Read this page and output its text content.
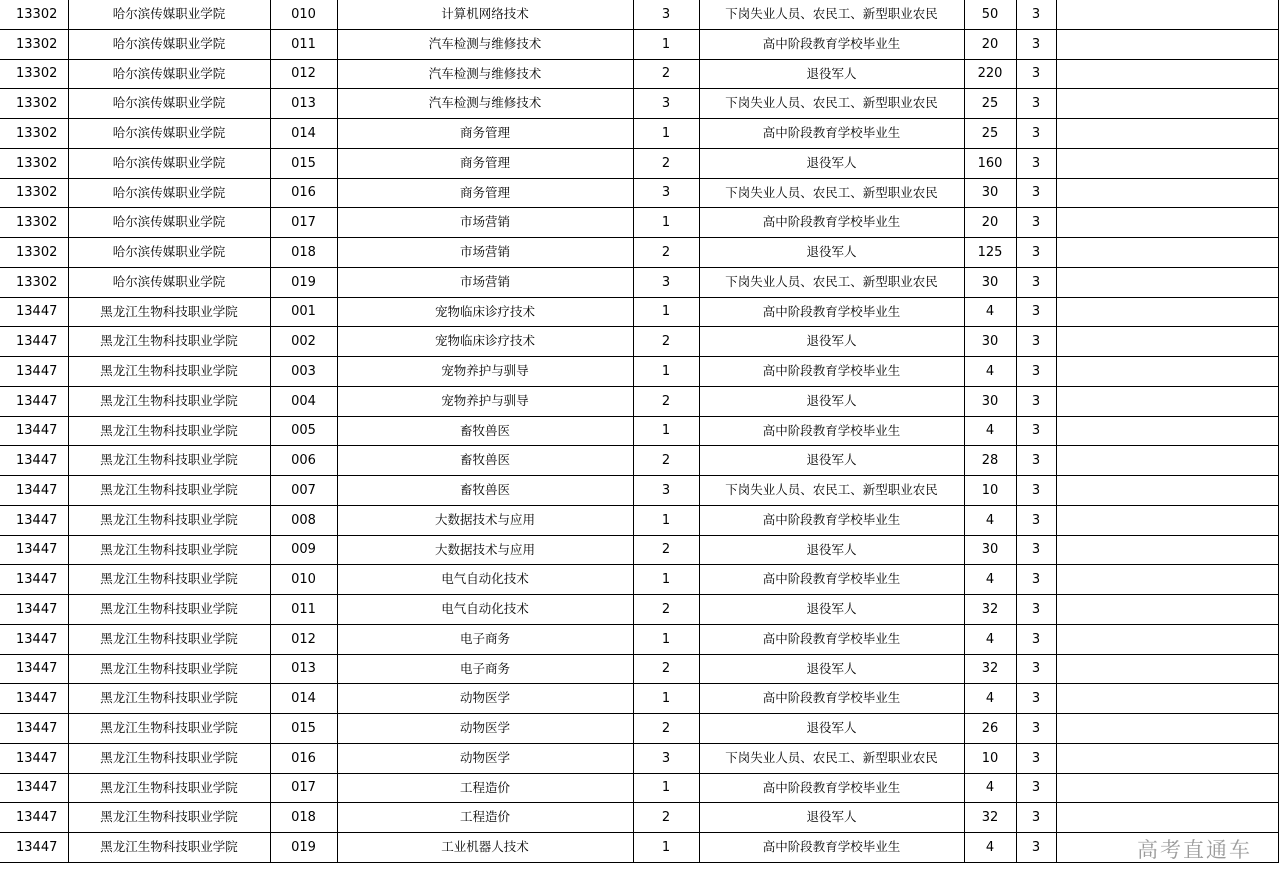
13302	哈尔滨传媒职业学院	010	计算机网络技术	3	下岗失业人员、农民工、新型职业农民	50	3	
13302	哈尔滨传媒职业学院	011	汽车检测与维修技术	1	高中阶段教育学校毕业生	20	3	
13302	哈尔滨传媒职业学院	012	汽车检测与维修技术	2	退役军人	220	3	
13302	哈尔滨传媒职业学院	013	汽车检测与维修技术	3	下岗失业人员、农民工、新型职业农民	25	3	
13302	哈尔滨传媒职业学院	014	商务管理	1	高中阶段教育学校毕业生	25	3	
13302	哈尔滨传媒职业学院	015	商务管理	2	退役军人	160	3	
13302	哈尔滨传媒职业学院	016	商务管理	3	下岗失业人员、农民工、新型职业农民	30	3	
13302	哈尔滨传媒职业学院	017	市场营销	1	高中阶段教育学校毕业生	20	3	
13302	哈尔滨传媒职业学院	018	市场营销	2	退役军人	125	3	
13302	哈尔滨传媒职业学院	019	市场营销	3	下岗失业人员、农民工、新型职业农民	30	3	
13447	黑龙江生物科技职业学院	001	宠物临床诊疗技术	1	高中阶段教育学校毕业生	4	3	
13447	黑龙江生物科技职业学院	002	宠物临床诊疗技术	2	退役军人	30	3	
13447	黑龙江生物科技职业学院	003	宠物养护与驯导	1	高中阶段教育学校毕业生	4	3	
13447	黑龙江生物科技职业学院	004	宠物养护与驯导	2	退役军人	30	3	
13447	黑龙江生物科技职业学院	005	畜牧兽医	1	高中阶段教育学校毕业生	4	3	
13447	黑龙江生物科技职业学院	006	畜牧兽医	2	退役军人	28	3	
13447	黑龙江生物科技职业学院	007	畜牧兽医	3	下岗失业人员、农民工、新型职业农民	10	3	
13447	黑龙江生物科技职业学院	008	大数据技术与应用	1	高中阶段教育学校毕业生	4	3	
13447	黑龙江生物科技职业学院	009	大数据技术与应用	2	退役军人	30	3	
13447	黑龙江生物科技职业学院	010	电气自动化技术	1	高中阶段教育学校毕业生	4	3	
13447	黑龙江生物科技职业学院	011	电气自动化技术	2	退役军人	32	3	
13447	黑龙江生物科技职业学院	012	电子商务	1	高中阶段教育学校毕业生	4	3	
13447	黑龙江生物科技职业学院	013	电子商务	2	退役军人	32	3	
13447	黑龙江生物科技职业学院	014	动物医学	1	高中阶段教育学校毕业生	4	3	
13447	黑龙江生物科技职业学院	015	动物医学	2	退役军人	26	3	
13447	黑龙江生物科技职业学院	016	动物医学	3	下岗失业人员、农民工、新型职业农民	10	3	
13447	黑龙江生物科技职业学院	017	工程造价	1	高中阶段教育学校毕业生	4	3	
13447	黑龙江生物科技职业学院	018	工程造价	2	退役军人	32	3	
13447	黑龙江生物科技职业学院	019	工业机器人技术	1	高中阶段教育学校毕业生	4	3		高考直通车
